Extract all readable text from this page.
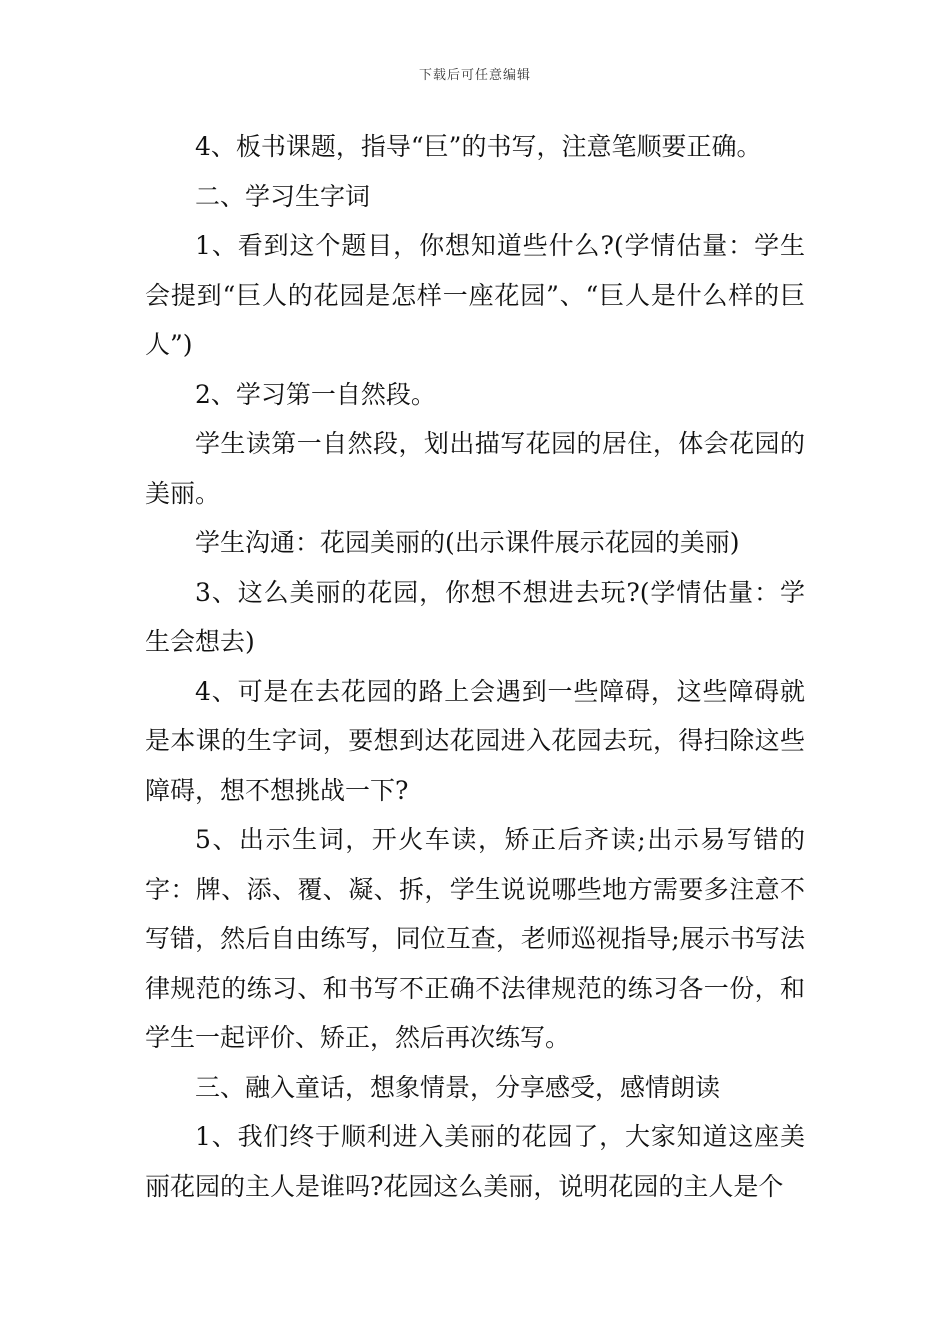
下载后可任意编辑

4、板书课题，指导“巨”的书写，注意笔顺要正确。

二、学习生字词

1、看到这个题目，你想知道些什么?(学情估量：学生会提到“巨人的花园是怎样一座花园”、“巨人是什么样的巨人”)

2、学习第一自然段。

学生读第一自然段，划出描写花园的居住，体会花园的美丽。

学生沟通：花园美丽的(出示课件展示花园的美丽)

3、这么美丽的花园，你想不想进去玩?(学情估量：学生会想去)

4、可是在去花园的路上会遇到一些障碍，这些障碍就是本课的生字词，要想到达花园进入花园去玩，得扫除这些障碍，想不想挑战一下?

5、出示生词，开火车读，矫正后齐读;出示易写错的字：牌、添、覆、凝、拆，学生说说哪些地方需要多注意不写错，然后自由练写，同位互查，老师巡视指导;展示书写法律规范的练习、和书写不正确不法律规范的练习各一份，和学生一起评价、矫正，然后再次练写。

三、融入童话，想象情景，分享感受，感情朗读

1、我们终于顺利进入美丽的花园了，大家知道这座美丽花园的主人是谁吗?花园这么美丽，说明花园的主人是个
